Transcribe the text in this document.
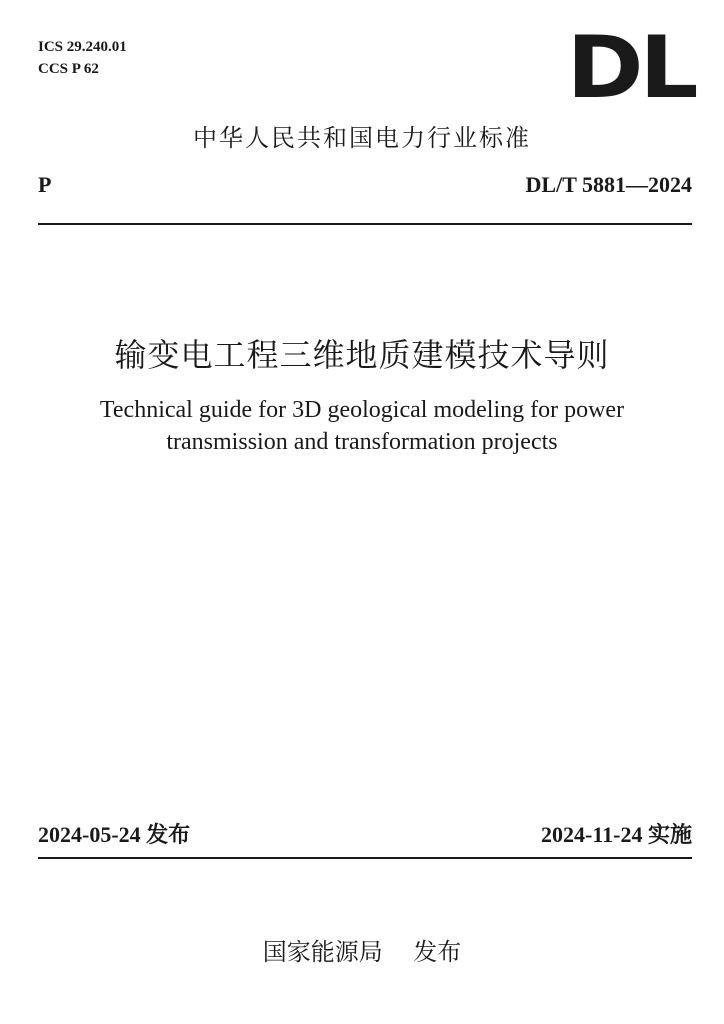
ICS 29.240.01
CCS P 62	DL
中华人民共和国电力行业标准
P	DL/T 5881—2024
输变电工程三维地质建模技术导则
Technical guide for 3D geological modeling for power
transmission and transformation projects
2024-05-24 发布	2024-11-24 实施
国家能源局    发布
